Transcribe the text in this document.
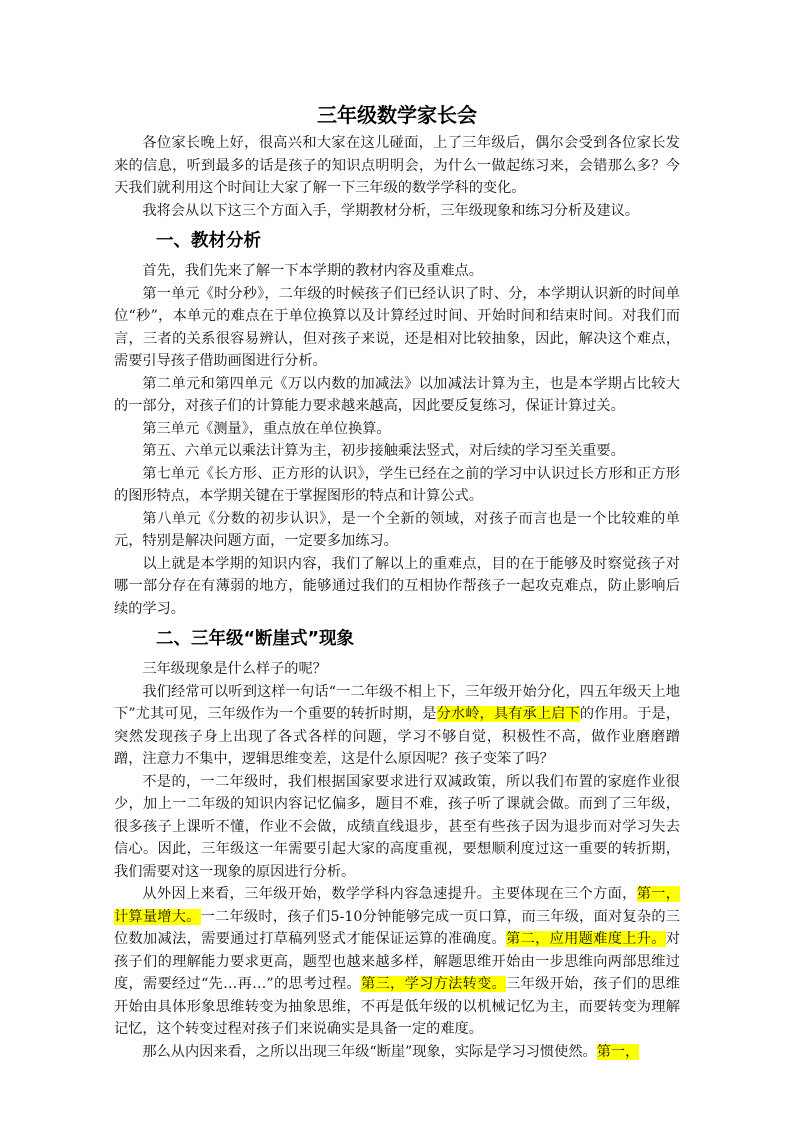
三年级数学家长会

各位家长晚上好，很高兴和大家在这儿碰面，上了三年级后，偶尔会受到各位家长发来的信息，听到最多的话是孩子的知识点明明会，为什么一做起练习来，会错那么多？今天我们就利用这个时间让大家了解一下三年级的数学学科的变化。

我将会从以下这三个方面入手，学期教材分析，三年级现象和练习分析及建议。

一、教材分析

首先，我们先来了解一下本学期的教材内容及重难点。

第一单元《时分秒》，二年级的时候孩子们已经认识了时、分，本学期认识新的时间单位“秒”，本单元的难点在于单位换算以及计算经过时间、开始时间和结束时间。对我们而言，三者的关系很容易辨认，但对孩子来说，还是相对比较抽象，因此，解决这个难点，需要引导孩子借助画图进行分析。

第二单元和第四单元《万以内数的加减法》以加减法计算为主，也是本学期占比较大的一部分，对孩子们的计算能力要求越来越高，因此要反复练习，保证计算过关。

第三单元《测量》，重点放在单位换算。

第五、六单元以乘法计算为主，初步接触乘法竖式，对后续的学习至关重要。

第七单元《长方形、正方形的认识》，学生已经在之前的学习中认识过长方形和正方形的图形特点，本学期关键在于掌握图形的特点和计算公式。

第八单元《分数的初步认识》，是一个全新的领域，对孩子而言也是一个比较难的单元，特别是解决问题方面，一定要多加练习。

以上就是本学期的知识内容，我们了解以上的重难点，目的在于能够及时察觉孩子对哪一部分存在有薄弱的地方，能够通过我们的互相协作帮孩子一起攻克难点，防止影响后续的学习。

二、三年级“断崖式”现象

三年级现象是什么样子的呢？

我们经常可以听到这样一句话“一二年级不相上下，三年级开始分化，四五年级天上地下”尤其可见，三年级作为一个重要的转折时期，是分水岭，具有承上启下的作用。于是，突然发现孩子身上出现了各式各样的问题，学习不够自觉，积极性不高，做作业磨磨蹭蹭，注意力不集中，逻辑思维变差，这是什么原因呢？孩子变笨了吗？

不是的，一二年级时，我们根据国家要求进行双减政策，所以我们布置的家庭作业很少，加上一二年级的知识内容记忆偏多，题目不难，孩子听了课就会做。而到了三年级，很多孩子上课听不懂，作业不会做，成绩直线退步，甚至有些孩子因为退步而对学习失去信心。因此，三年级这一年需要引起大家的高度重视，要想顺利度过这一重要的转折期，我们需要对这一现象的原因进行分析。

从外因上来看，三年级开始，数学学科内容急速提升。主要体现在三个方面，第一，计算量增大。一二年级时，孩子们5-10分钟能够完成一页口算，而三年级，面对复杂的三位数加减法，需要通过打草稿列竖式才能保证运算的准确度。第二，应用题难度上升。对孩子们的理解能力要求更高，题型也越来越多样，解题思维开始由一步思维向两部思维过度，需要经过“先…再…”的思考过程。第三，学习方法转变。三年级开始，孩子们的思维开始由具体形象思维转变为抽象思维，不再是低年级的以机械记忆为主，而要转变为理解记忆，这个转变过程对孩子们来说确实是具备一定的难度。

那么从内因来看，之所以出现三年级“断崖”现象，实际是学习习惯使然。第一，
